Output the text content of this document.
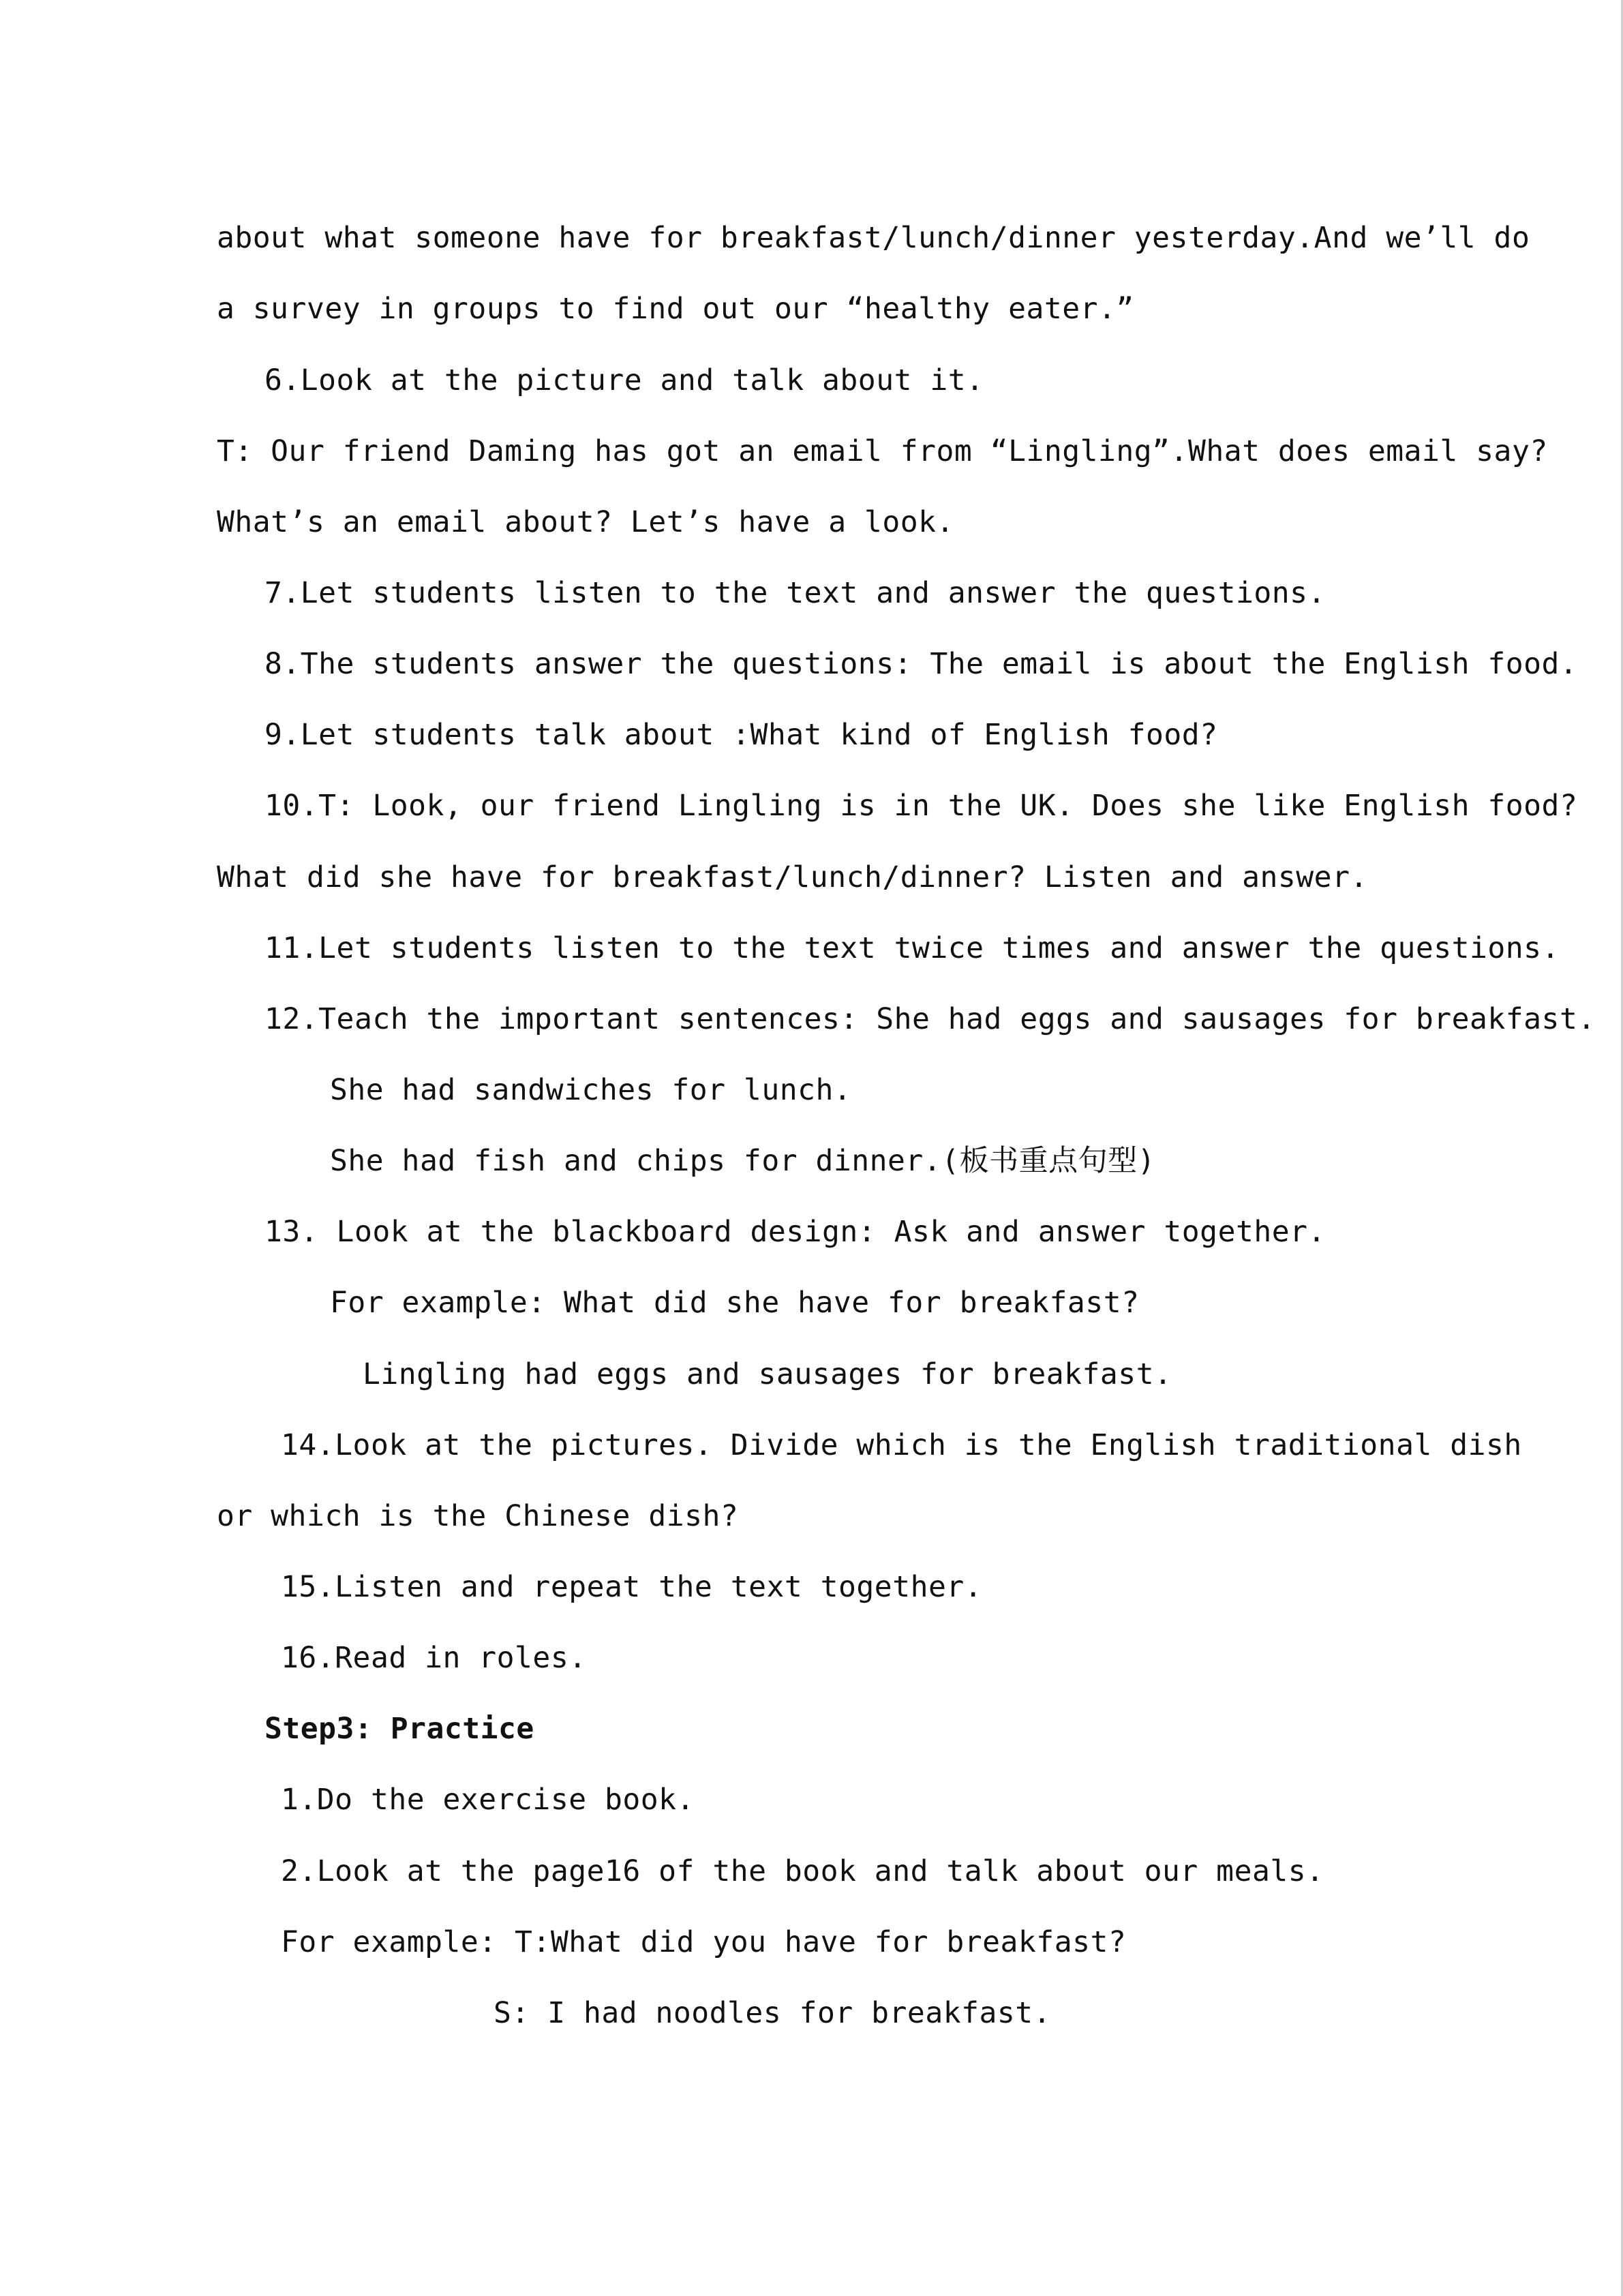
about what someone have for breakfast/lunch/dinner yesterday.And we’ll do
a survey in groups to find out our “healthy eater.”
6.Look at the picture and talk about it.
T: Our friend Daming has got an email from “Lingling”.What does email say?
What’s an email about? Let’s have a look.
7.Let students listen to the text and answer the questions.
8.The students answer the questions: The email is about the English food.
9.Let students talk about :What kind of English food?
10.T: Look, our friend Lingling is in the UK. Does she like English food?
What did she have for breakfast/lunch/dinner? Listen and answer.
11.Let students listen to the text twice times and answer the questions.
12.Teach the important sentences: She had eggs and sausages for breakfast.
She had sandwiches for lunch.
She had fish and chips for dinner.(板书重点句型)
13. Look at the blackboard design: Ask and answer together.
For example: What did she have for breakfast?
Lingling had eggs and sausages for breakfast.
14.Look at the pictures. Divide which is the English traditional dish
or which is the Chinese dish?
15.Listen and repeat the text together.
16.Read in roles.
Step3: Practice
1.Do the exercise book.
2.Look at the page16 of the book and talk about our meals.
For example: T:What did you have for breakfast?
S: I had noodles for breakfast.
